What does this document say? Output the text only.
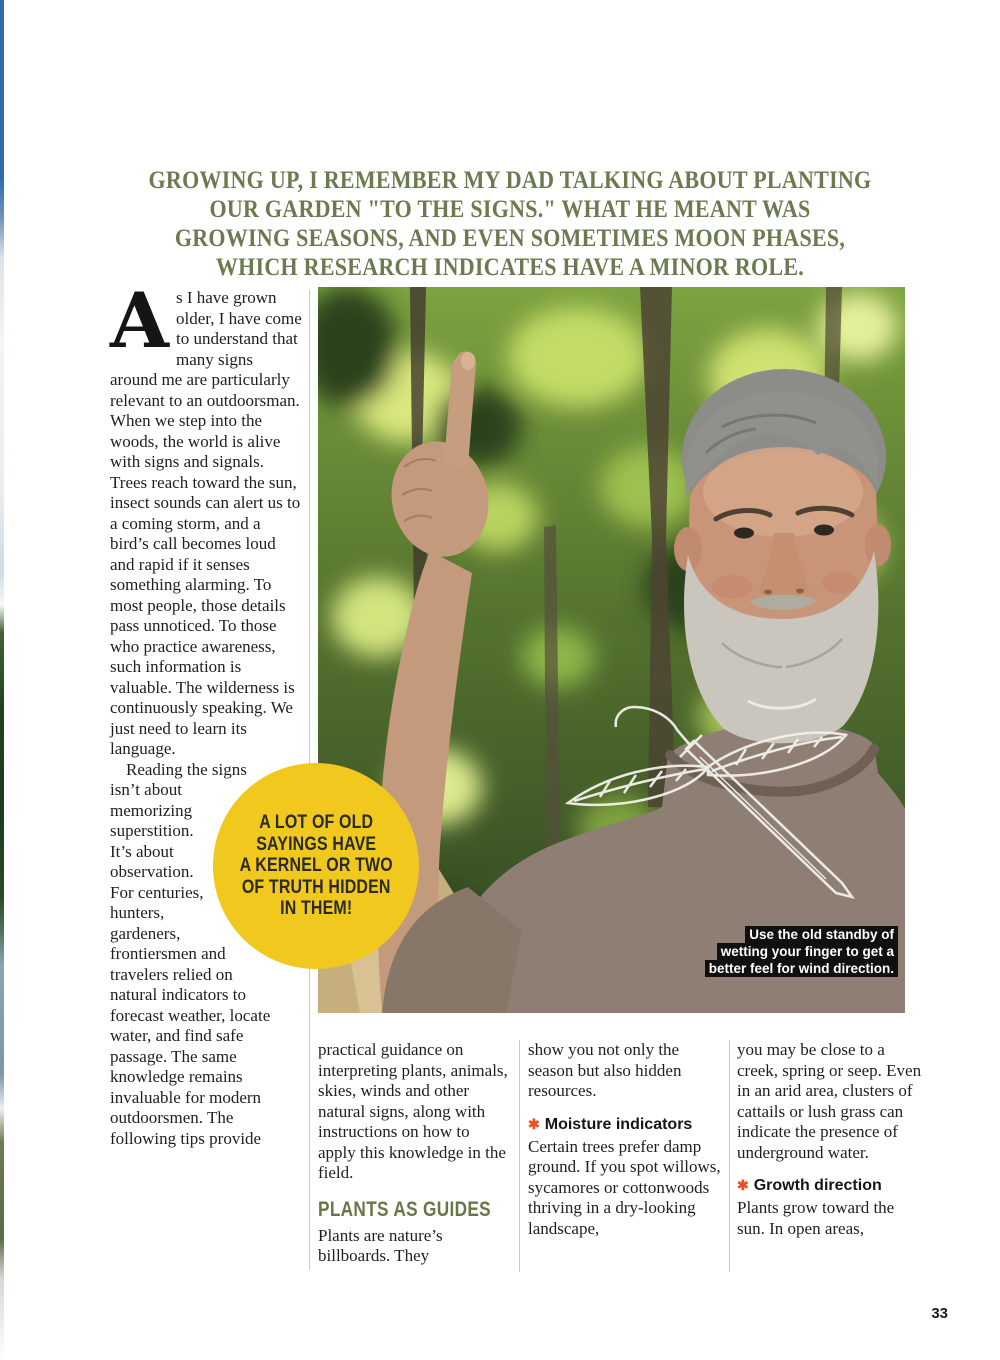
GROWING UP, I REMEMBER MY DAD TALKING ABOUT PLANTING
OUR GARDEN "TO THE SIGNS." WHAT HE MEANT WAS
GROWING SEASONS, AND EVEN SOMETIMES MOON PHASES,
WHICH RESEARCH INDICATES HAVE A MINOR ROLE.
A s I have grown older, I have come to understand that many signs around me are particularly relevant to an outdoorsman. When we step into the woods, the world is alive with signs and signals. Trees reach toward the sun, insect sounds can alert us to a coming storm, and a bird’s call becomes loud and rapid if it senses something alarming. To most people, those details pass unnoticed. To those who practice awareness, such information is valuable. The wilderness is continuously speaking. We just need to learn its language.

Reading the signs isn’t about memorizing superstition. It’s about observation. For centuries, hunters, gardeners, frontiersmen and travelers relied on natural indicators to forecast weather, locate water, and find safe passage. The same knowledge remains invaluable for modern outdoorsmen. The following tips provide

Use the old standby of
wetting your finger to get a
better feel for wind direction.
A LOT OF OLD
SAYINGS HAVE
A KERNEL OR TWO
OF TRUTH HIDDEN
IN THEM!

practical guidance on interpreting plants, animals, skies, winds and other natural signs, along with instructions on how to apply this knowledge in the field.

PLANTS AS GUIDES

Plants are nature’s billboards. They

show you not only the season but also hidden resources.

✱ Moisture indicators

Certain trees prefer damp ground. If you spot willows, sycamores or cottonwoods thriving in a dry-looking landscape,

you may be close to a creek, spring or seep. Even in an arid area, clusters of cattails or lush grass can indicate the presence of underground water.

✱ Growth direction

Plants grow toward the sun. In open areas,

33
